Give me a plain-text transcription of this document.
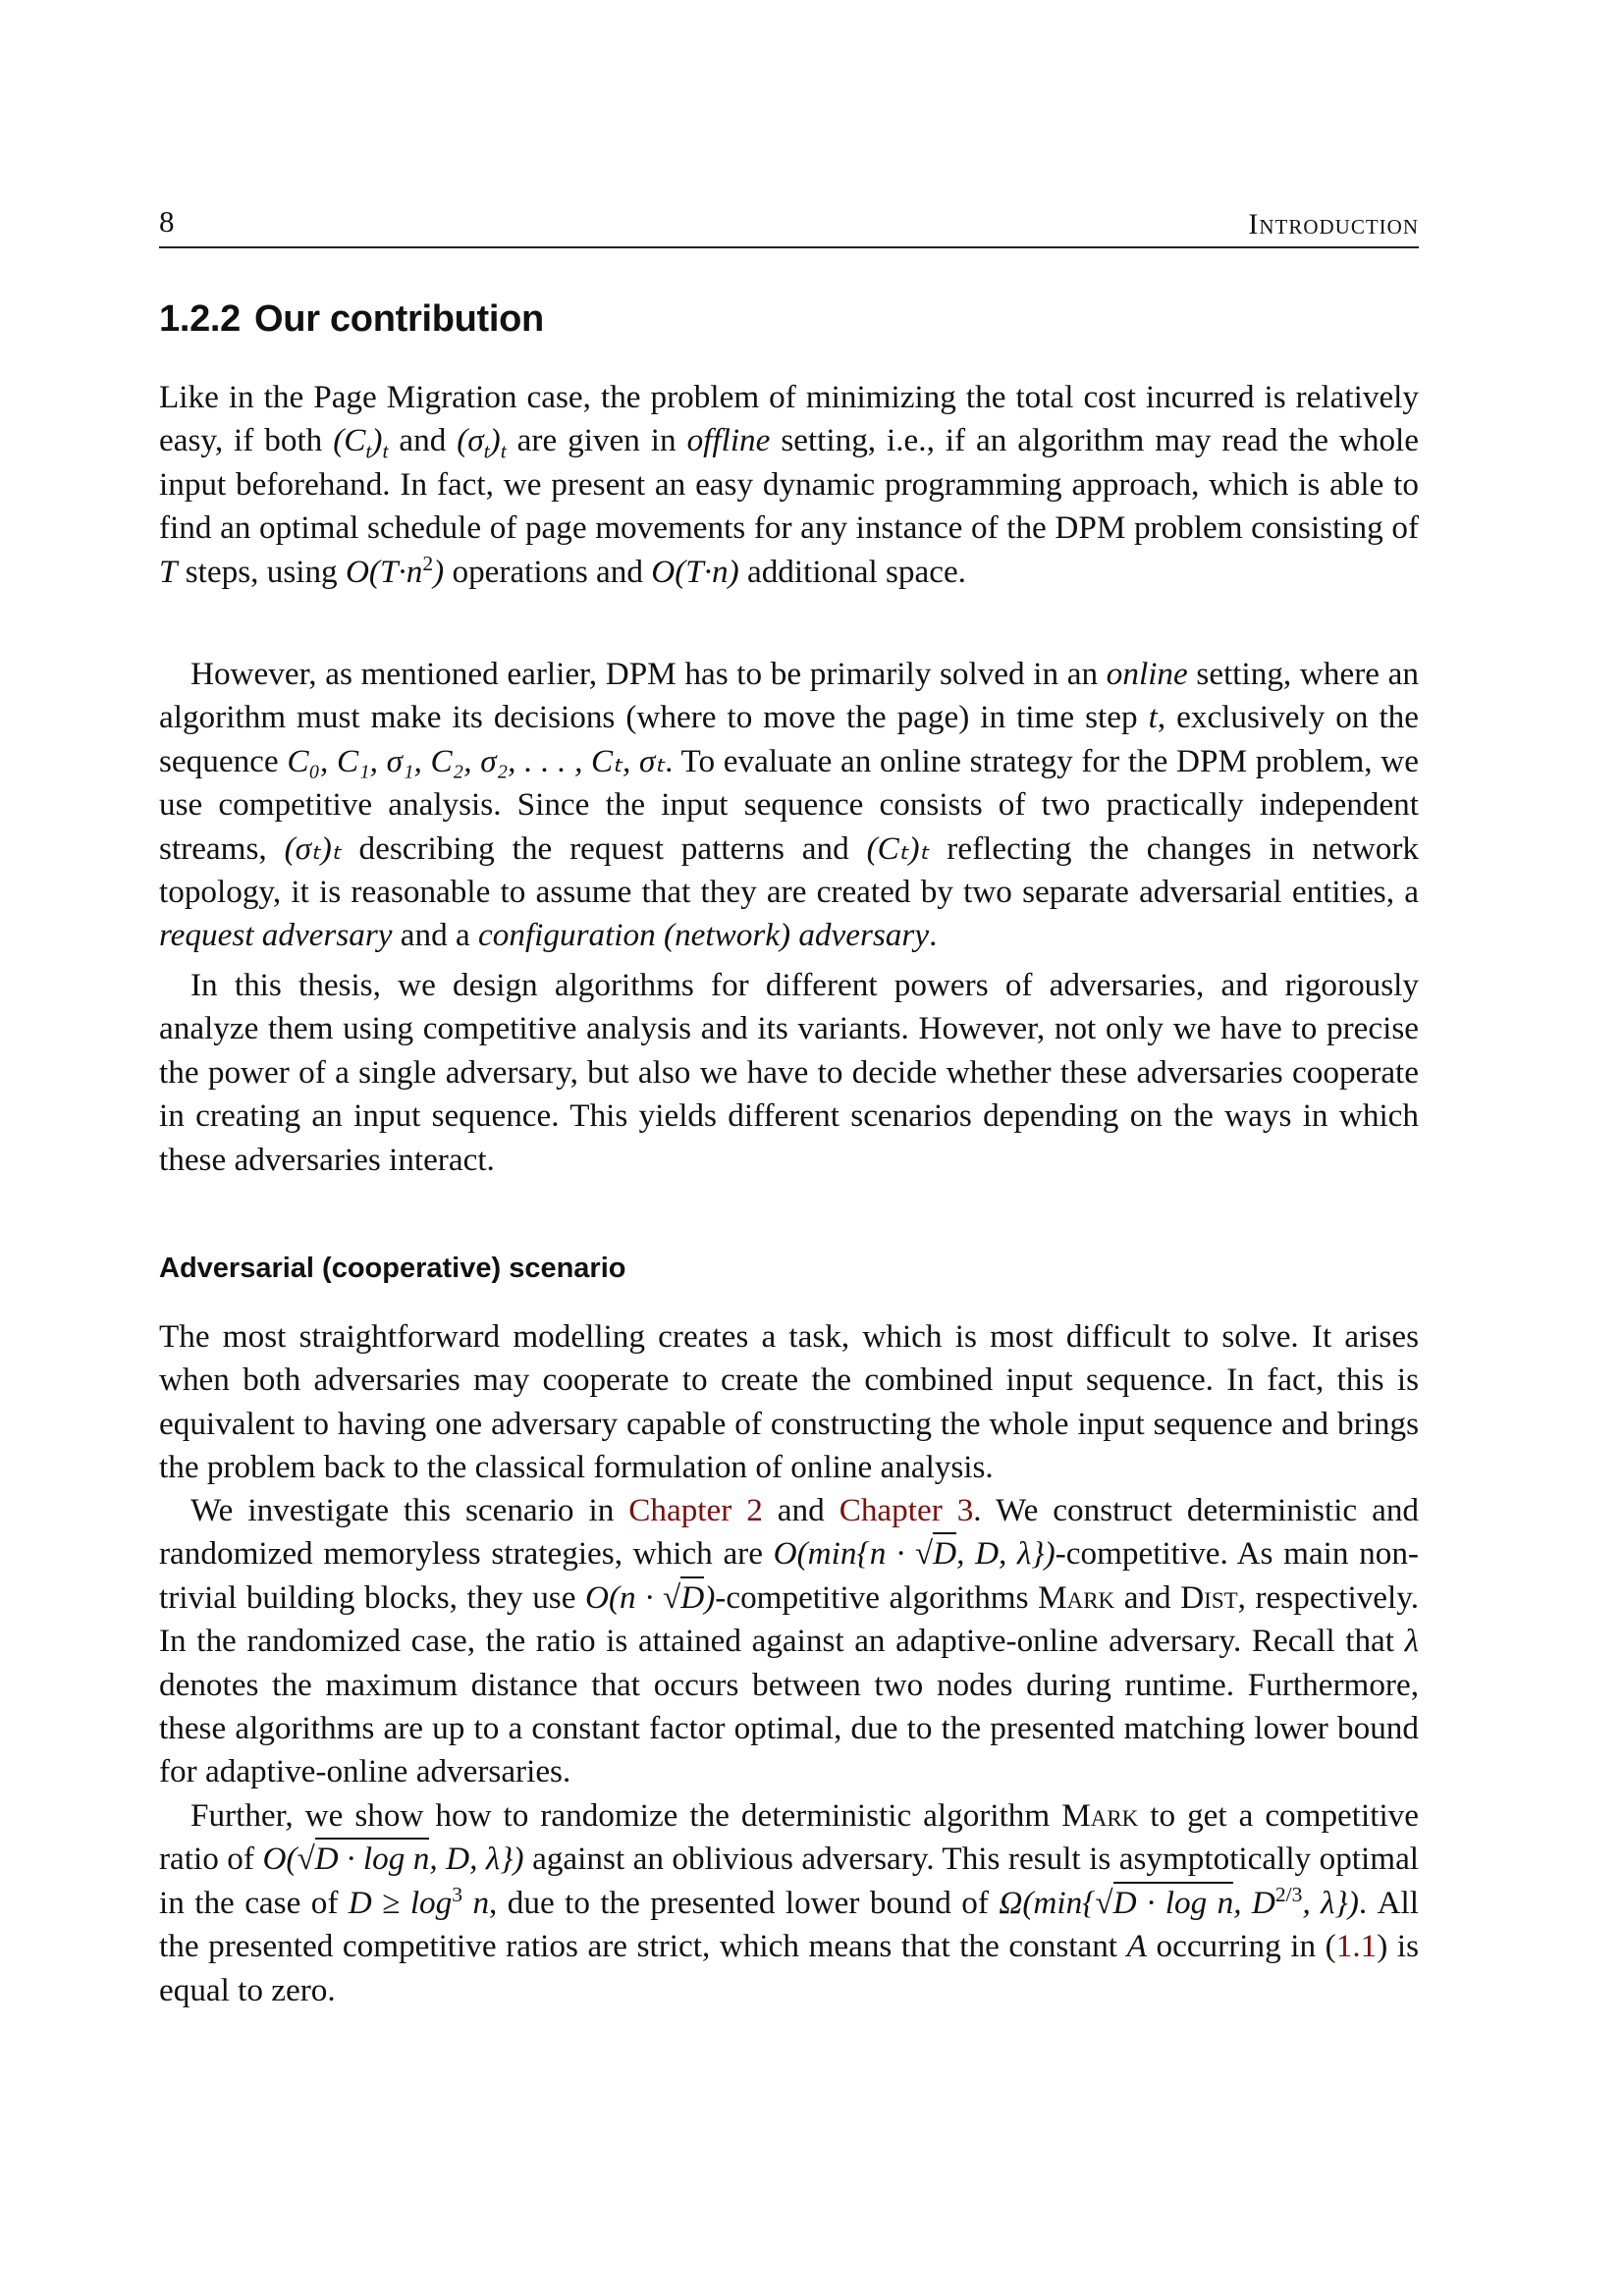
8	Introduction
1.2.2 Our contribution

Like in the Page Migration case, the problem of minimizing the total cost incurred is relatively easy, if both $(C_t)_t$ and $(\sigma_t)_t$ are given in offline setting, i.e., if an algorithm may read the whole input beforehand. In fact, we present an easy dynamic programming approach, which is able to find an optimal schedule of page movements for any instance of the DPM problem consisting of T steps, using $O(T\cdot n^2)$ operations and O(T·n) additional space.

However, as mentioned earlier, DPM has to be primarily solved in an online setting, where an algorithm must make its decisions (where to move the page) in time step t, exclusively on the sequence C₀, C₁, σ₁, C₂, σ₂, . . . , Cₜ, σₜ. To evaluate an online strategy for the DPM problem, we use competitive analysis. Since the input sequence consists of two practically independent streams, (σₜ)ₜ describing the request patterns and (Cₜ)ₜ reflecting the changes in network topology, it is reasonable to assume that they are created by two separate adversarial entities, a request adversary and a configuration (network) adversary.

In this thesis, we design algorithms for different powers of adversaries, and rigorously analyze them using competitive analysis and its variants. However, not only we have to precise the power of a single adversary, but also we have to decide whether these adversaries cooperate in creating an input sequence. This yields different scenarios depending on the ways in which these adversaries interact.

Adversarial (cooperative) scenario

The most straightforward modelling creates a task, which is most difficult to solve. It arises when both adversaries may cooperate to create the combined input sequence. In fact, this is equivalent to having one adversary capable of constructing the whole input sequence and brings the problem back to the classical formulation of online analysis.

We investigate this scenario in Chapter 2 and Chapter 3. We construct deterministic and randomized memoryless strategies, which are O(min{n · √D, D, λ})-competitive. As main non-trivial building blocks, they use O(n · √D)-competitive algorithms Mark and Dist, respectively. In the randomized case, the ratio is attained against an adaptive-online adversary. Recall that λ denotes the maximum distance that occurs between two nodes during runtime. Furthermore, these algorithms are up to a constant factor optimal, due to the presented matching lower bound for adaptive-online adversaries.

Further, we show how to randomize the deterministic algorithm Mark to get a competitive ratio of O(√D · log n, D, λ}) against an oblivious adversary. This result is asymptotically optimal in the case of $D \ge \log^3 n$, due to the presented lower bound of Ω(min{√D · log n, $D^{2/3}$, λ}). All the presented competitive ratios are strict, which means that the constant A occurring in (1.1) is equal to zero.
